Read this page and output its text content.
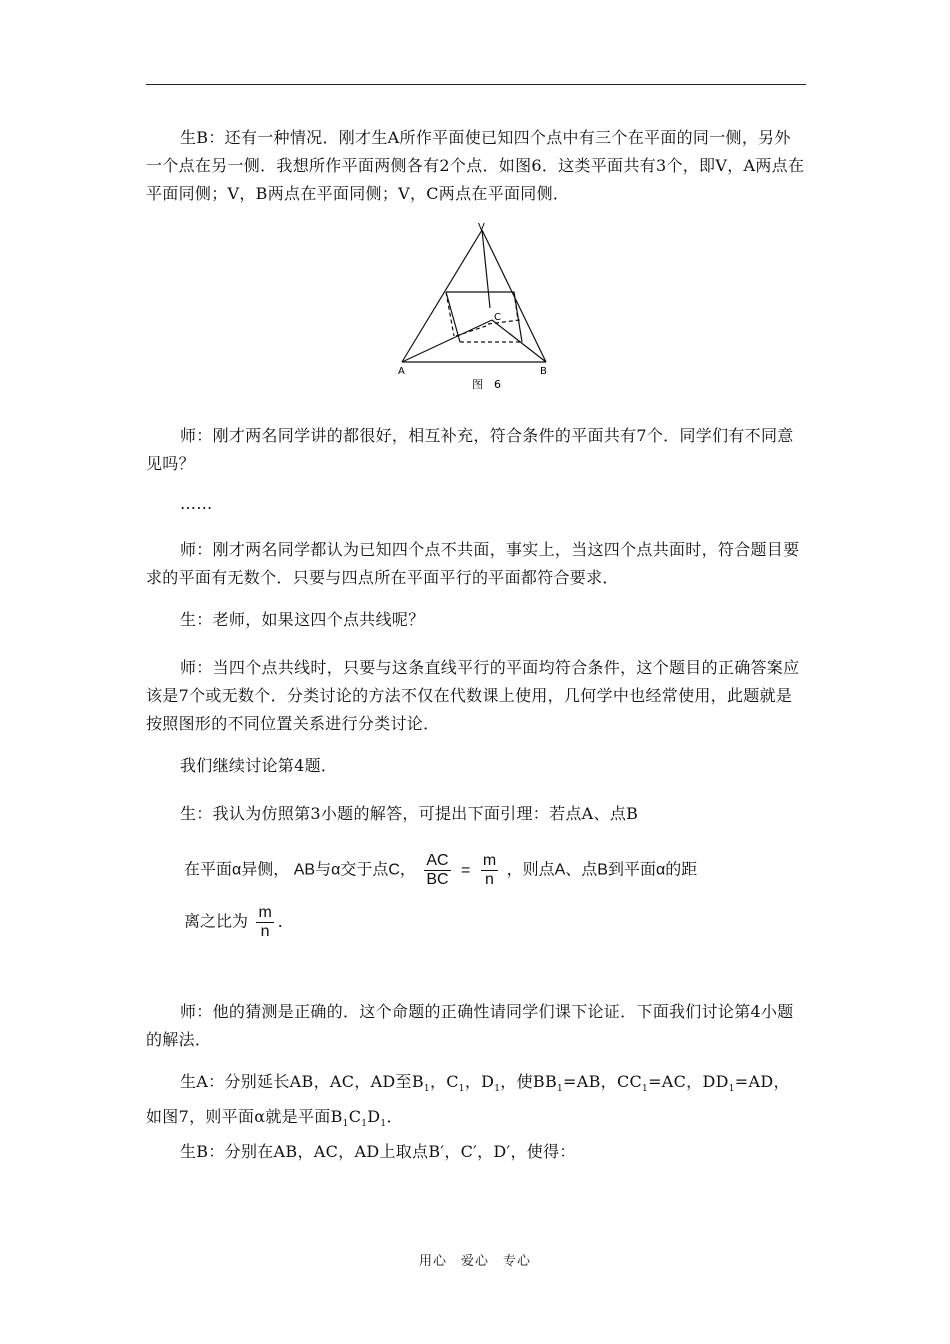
生B：还有一种情况．刚才生A所作平面使已知四个点中有三个在平面的同一侧，另外一个点在另一侧．我想所作平面两侧各有2个点．如图6．这类平面共有3个，即V，A两点在平面同侧；V，B两点在平面同侧；V，C两点在平面同侧．

V
C
A	B
图　6

师：刚才两名同学讲的都很好，相互补充，符合条件的平面共有7个．同学们有不同意见吗？

……

师：刚才两名同学都认为已知四个点不共面，事实上，当这四个点共面时，符合题目要求的平面有无数个．只要与四点所在平面平行的平面都符合要求．

生：老师，如果这四个点共线呢？

师：当四个点共线时，只要与这条直线平行的平面均符合条件，这个题目的正确答案应该是7个或无数个．分类讨论的方法不仅在代数课上使用，几何学中也经常使用，此题就是按照图形的不同位置关系进行分类讨论．

我们继续讨论第4题．

生：我认为仿照第3小题的解答，可提出下面引理：若点A、点B

在平面α异侧， AB与α交于点C， $\frac{AC}{BC} = \frac{m}{n}$ ，则点A、点B到平面α的距
离之比为 $\frac{m}{n}$ ．

师：他的猜测是正确的．这个命题的正确性请同学们课下论证．下面我们讨论第4小题的解法．

生A：分别延长AB，AC，AD至$B_1$，$C_1$，$D_1$，使$BB_1=AB$，$CC_1=AC$，$DD_1=AD$，如图7，则平面α就是平面$B_1C_1D_1$．

生B：分别在AB，AC，AD上取点B′，C′，D′，使得：

用心　爱心　专心
